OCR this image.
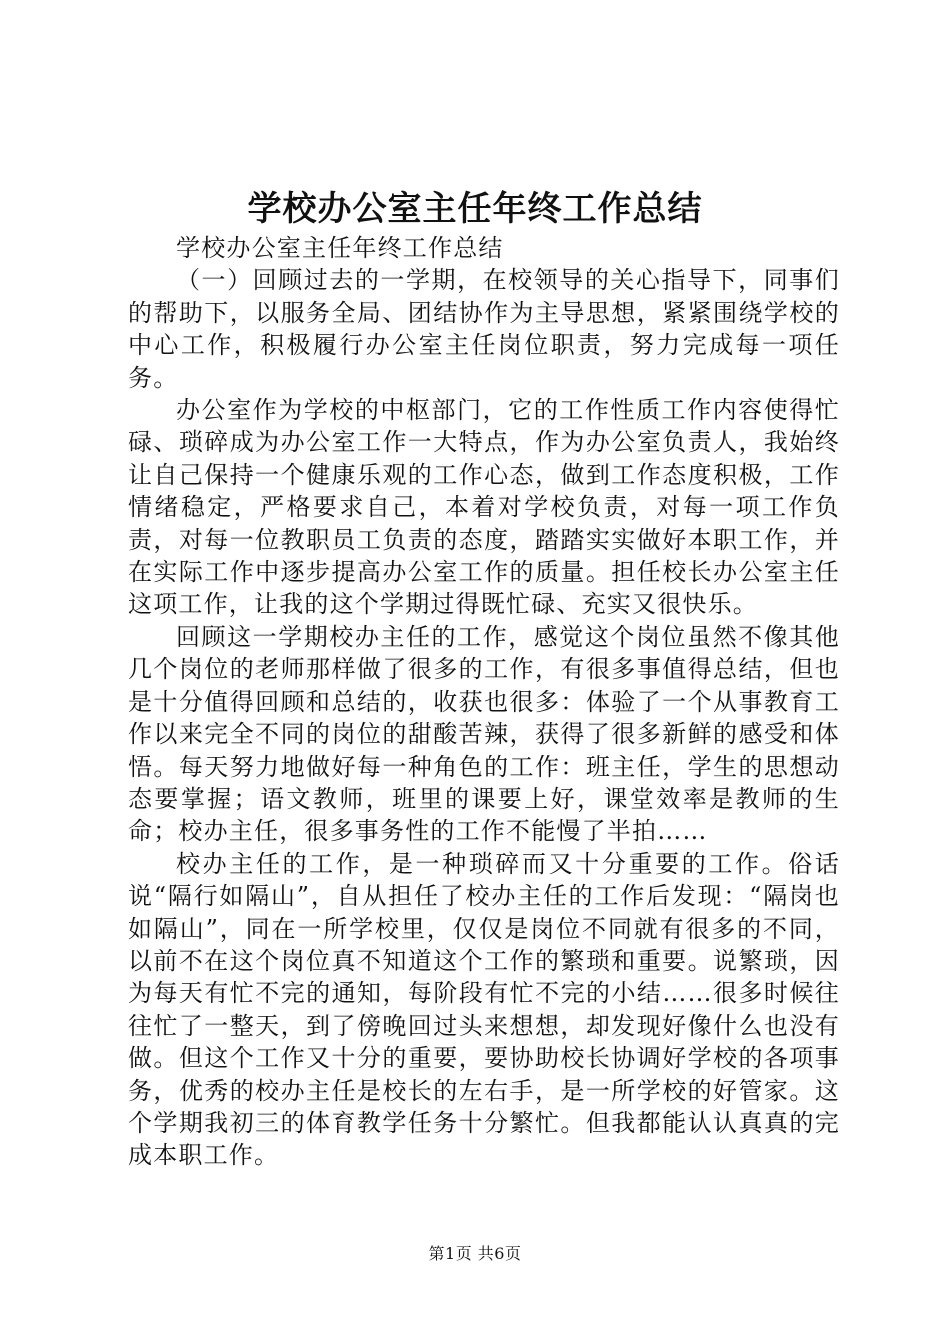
学校办公室主任年终工作总结

学校办公室主任年终工作总结

（一）回顾过去的一学期，在校领导的关心指导下，同事们的帮助下，以服务全局、团结协作为主导思想，紧紧围绕学校的中心工作，积极履行办公室主任岗位职责，努力完成每一项任务。

办公室作为学校的中枢部门，它的工作性质工作内容使得忙碌、琐碎成为办公室工作一大特点，作为办公室负责人，我始终让自己保持一个健康乐观的工作心态，做到工作态度积极，工作情绪稳定，严格要求自己，本着对学校负责，对每一项工作负责，对每一位教职员工负责的态度，踏踏实实做好本职工作，并在实际工作中逐步提高办公室工作的质量。担任校长办公室主任这项工作，让我的这个学期过得既忙碌、充实又很快乐。

回顾这一学期校办主任的工作，感觉这个岗位虽然不像其他几个岗位的老师那样做了很多的工作，有很多事值得总结，但也是十分值得回顾和总结的，收获也很多：体验了一个从事教育工作以来完全不同的岗位的甜酸苦辣，获得了很多新鲜的感受和体悟。每天努力地做好每一种角色的工作：班主任，学生的思想动态要掌握；语文教师，班里的课要上好，课堂效率是教师的生命；校办主任，很多事务性的工作不能慢了半拍……

校办主任的工作，是一种琐碎而又十分重要的工作。俗话说“隔行如隔山”，自从担任了校办主任的工作后发现：“隔岗也如隔山”，同在一所学校里，仅仅是岗位不同就有很多的不同，以前不在这个岗位真不知道这个工作的繁琐和重要。说繁琐，因为每天有忙不完的通知，每阶段有忙不完的小结……很多时候往往忙了一整天，到了傍晚回过头来想想，却发现好像什么也没有做。但这个工作又十分的重要，要协助校长协调好学校的各项事务，优秀的校办主任是校长的左右手，是一所学校的好管家。这个学期我初三的体育教学任务十分繁忙。但我都能认认真真的完成本职工作。

第1页 共6页
